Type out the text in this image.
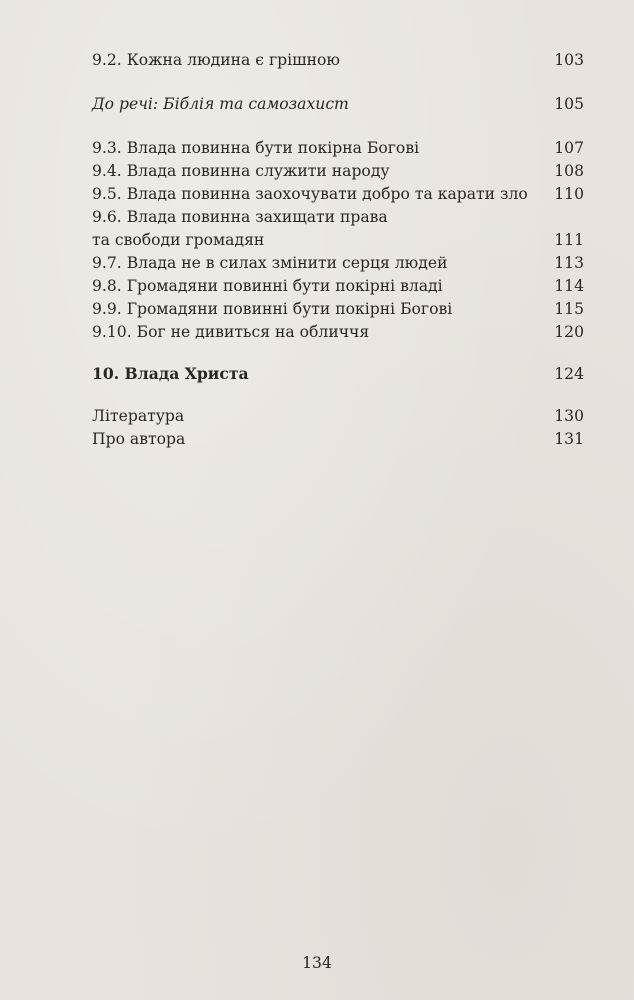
9.2. Кожна людина є грішною	103
До речі: Біблія та самозахист	105
9.3. Влада повинна бути покірна Богові	107
9.4. Влада повинна служити народу	108
9.5. Влада повинна заохочувати добро та карати зло	110
9.6. Влада повинна захищати права
та свободи громадян	111
9.7. Влада не в силах змінити серця людей	113
9.8. Громадяни повинні бути покірні владі	114
9.9. Громадяни повинні бути покірні Богові	115
9.10. Бог не дивиться на обличчя	120
10. Влада Христа	124
Література	130
Про автора	131
134
